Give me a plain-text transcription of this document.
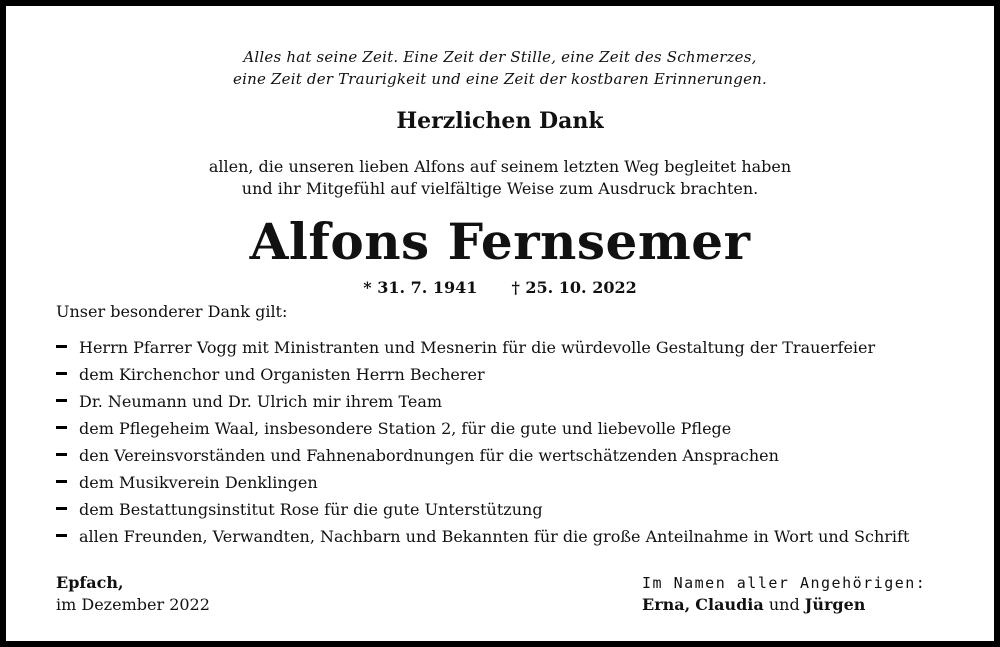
Alles hat seine Zeit. Eine Zeit der Stille, eine Zeit des Schmerzes,
eine Zeit der Traurigkeit und eine Zeit der kostbaren Erinnerungen.
Herzlichen Dank
allen, die unseren lieben Alfons auf seinem letzten Weg begleitet haben
und ihr Mitgefühl auf vielfältige Weise zum Ausdruck brachten.
Alfons Fernsemer
* 31. 7. 1941 † 25. 10. 2022
Unser besonderer Dank gilt:
Herrn Pfarrer Vogg mit Ministranten und Mesnerin für die würdevolle Gestaltung der Trauerfeier
dem Kirchenchor und Organisten Herrn Becherer
Dr. Neumann und Dr. Ulrich mir ihrem Team
dem Pflegeheim Waal, insbesondere Station 2, für die gute und liebevolle Pflege
den Vereinsvorständen und Fahnenabordnungen für die wertschätzenden Ansprachen
dem Musikverein Denklingen
dem Bestattungsinstitut Rose für die gute Unterstützung
allen Freunden, Verwandten, Nachbarn und Bekannten für die große Anteilnahme in Wort und Schrift
Epfach,
im Dezember 2022
Im Namen aller Angehörigen:
Erna, Claudia und Jürgen
